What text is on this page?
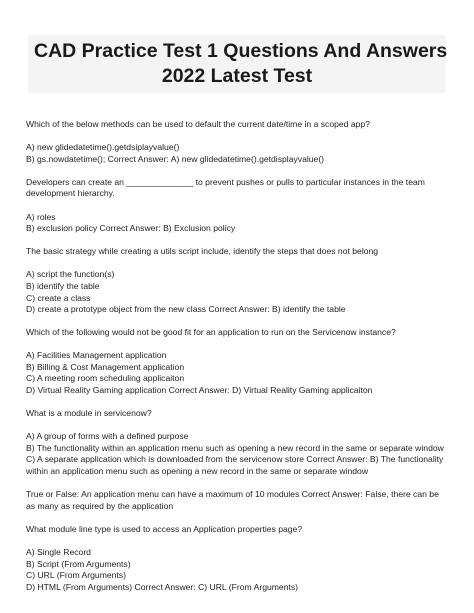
CAD Practice Test 1 Questions And Answers
2022 Latest Test
Which of the below methods can be used to default the current date/time in a scoped app?
A) new glidedatetime().getdsiplayvalue()
B) gs.nowdatetime(); Correct Answer: A) new glidedatetime().getdisplayvalue()
Developers can create an ______________ to prevent pushes or pulls to particular instances in the team development hierarchy.
A) roles
B) exclusion policy Correct Answer: B) Exclusion policy
The basic strategy while creating a utils script include, identify the steps that does not belong
A) script the function(s)
B) identify the table
C) create a class
D) create a prototype object from the new class Correct Answer: B) identify the table
Which of the following would not be good fit for an application to run on the Servicenow instance?
A) Facilities Management application
B) Billing & Cost Management application
C) A meeting room scheduling applicaiton
D) Virtual Reality Gaming application Correct Answer: D) Virtual Reality Gaming applicaiton
What is a module in servicenow?
A) A group of forms with a defined purpose
B) The functionality within an application menu such as opening a new record in the same or separate window
C) A separate application which is downloaded from the servicenow store Correct Answer: B) The functionality within an application menu such as opening a new record in the same or separate window
True or False: An application menu can have a maximum of 10 modules Correct Answer: False, there can be as many as required by the application
What module line type is used to access an Application properties page?
A) Single Record
B) Script (From Arguments)
C) URL (From Arguments)
D) HTML (From Arguments) Correct Answer: C) URL (From Arguments)
